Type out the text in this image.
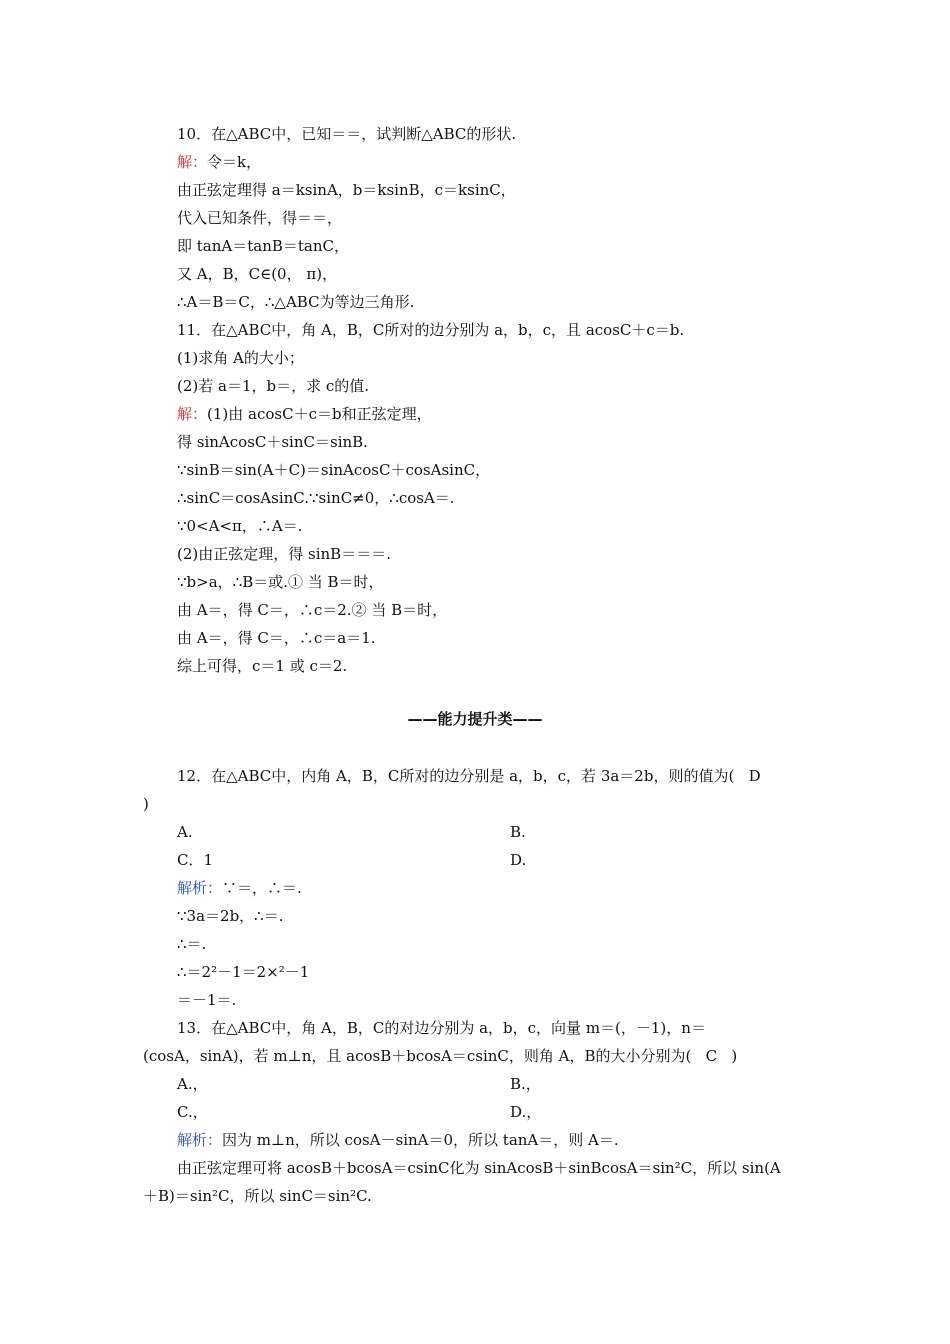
10．在△ABC中，已知＝＝，试判断△ABC的形状.
解：令＝k，
由正弦定理得 a＝ksinA，b＝ksinB，c＝ksinC，
代入已知条件，得＝＝，
即 tanA＝tanB＝tanC，
又 A，B，C∈(0， π)，
∴A＝B＝C，∴△ABC为等边三角形.
11．在△ABC中，角 A，B，C所对的边分别为 a，b，c，且 acosC＋c＝b.
(1)求角 A的大小；
(2)若 a＝1，b＝，求 c的值.
解：(1)由 acosC＋c＝b和正弦定理，
得 sinAcosC＋sinC＝sinB.
∵sinB＝sin(A＋C)＝sinAcosC＋cosAsinC，
∴sinC＝cosAsinC.∵sinC≠0，∴cosA＝.
∵0<A<π，∴A＝.
(2)由正弦定理，得 sinB＝＝＝.
∵b>a，∴B＝或.① 当 B＝时，
由 A＝，得 C＝，∴c＝2.② 当 B＝时，
由 A＝，得 C＝，∴c＝a＝1.
综上可得，c＝1 或 c＝2.
——能力提升类——
12．在△ABC中，内角 A，B，C所对的边分别是 a，b，c，若 3a＝2b，则的值为(   D
)
A.	B.
C．1	D.
解析：∵＝，∴＝.
∵3a＝2b，∴＝.
∴＝.
∴＝2²－1＝2×²－1
＝－1＝.
13．在△ABC中，角 A，B，C的对边分别为 a，b，c，向量 m＝(，－1)，n＝
(cosA，sinA)，若 m⊥n，且 acosB＋bcosA＝csinC，则角 A，B的大小分别为(   C   )
A.，	B.，
C.，	D.，
解析：因为 m⊥n，所以 cosA－sinA＝0，所以 tanA＝，则 A＝.
由正弦定理可将 acosB＋bcosA＝csinC化为 sinAcosB＋sinBcosA＝sin²C，所以 sin(A
＋B)＝sin²C，所以 sinC＝sin²C.
